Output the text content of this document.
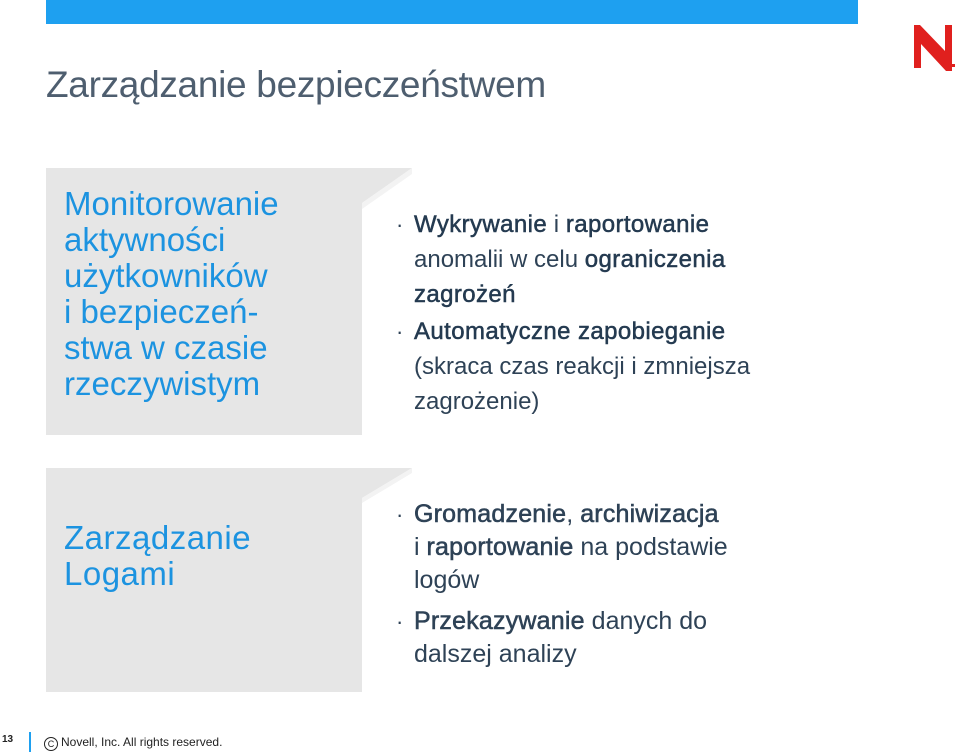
Zarządzanie bezpieczeństwem
Monitorowanie
aktywności
użytkowników
i bezpieczeń-
stwa w czasie
rzeczywistym
· Wykrywanie i raportowanie
anomalii w celu ograniczenia
zagrożeń
· Automatyczne zapobieganie
(skraca czas reakcji i zmniejsza
zagrożenie)
Zarządzanie
Logami
· Gromadzenie, archiwizacja
i raportowanie na podstawie
logów
· Przekazywanie danych do
dalszej analizy
13	C Novell, Inc. All rights reserved.
